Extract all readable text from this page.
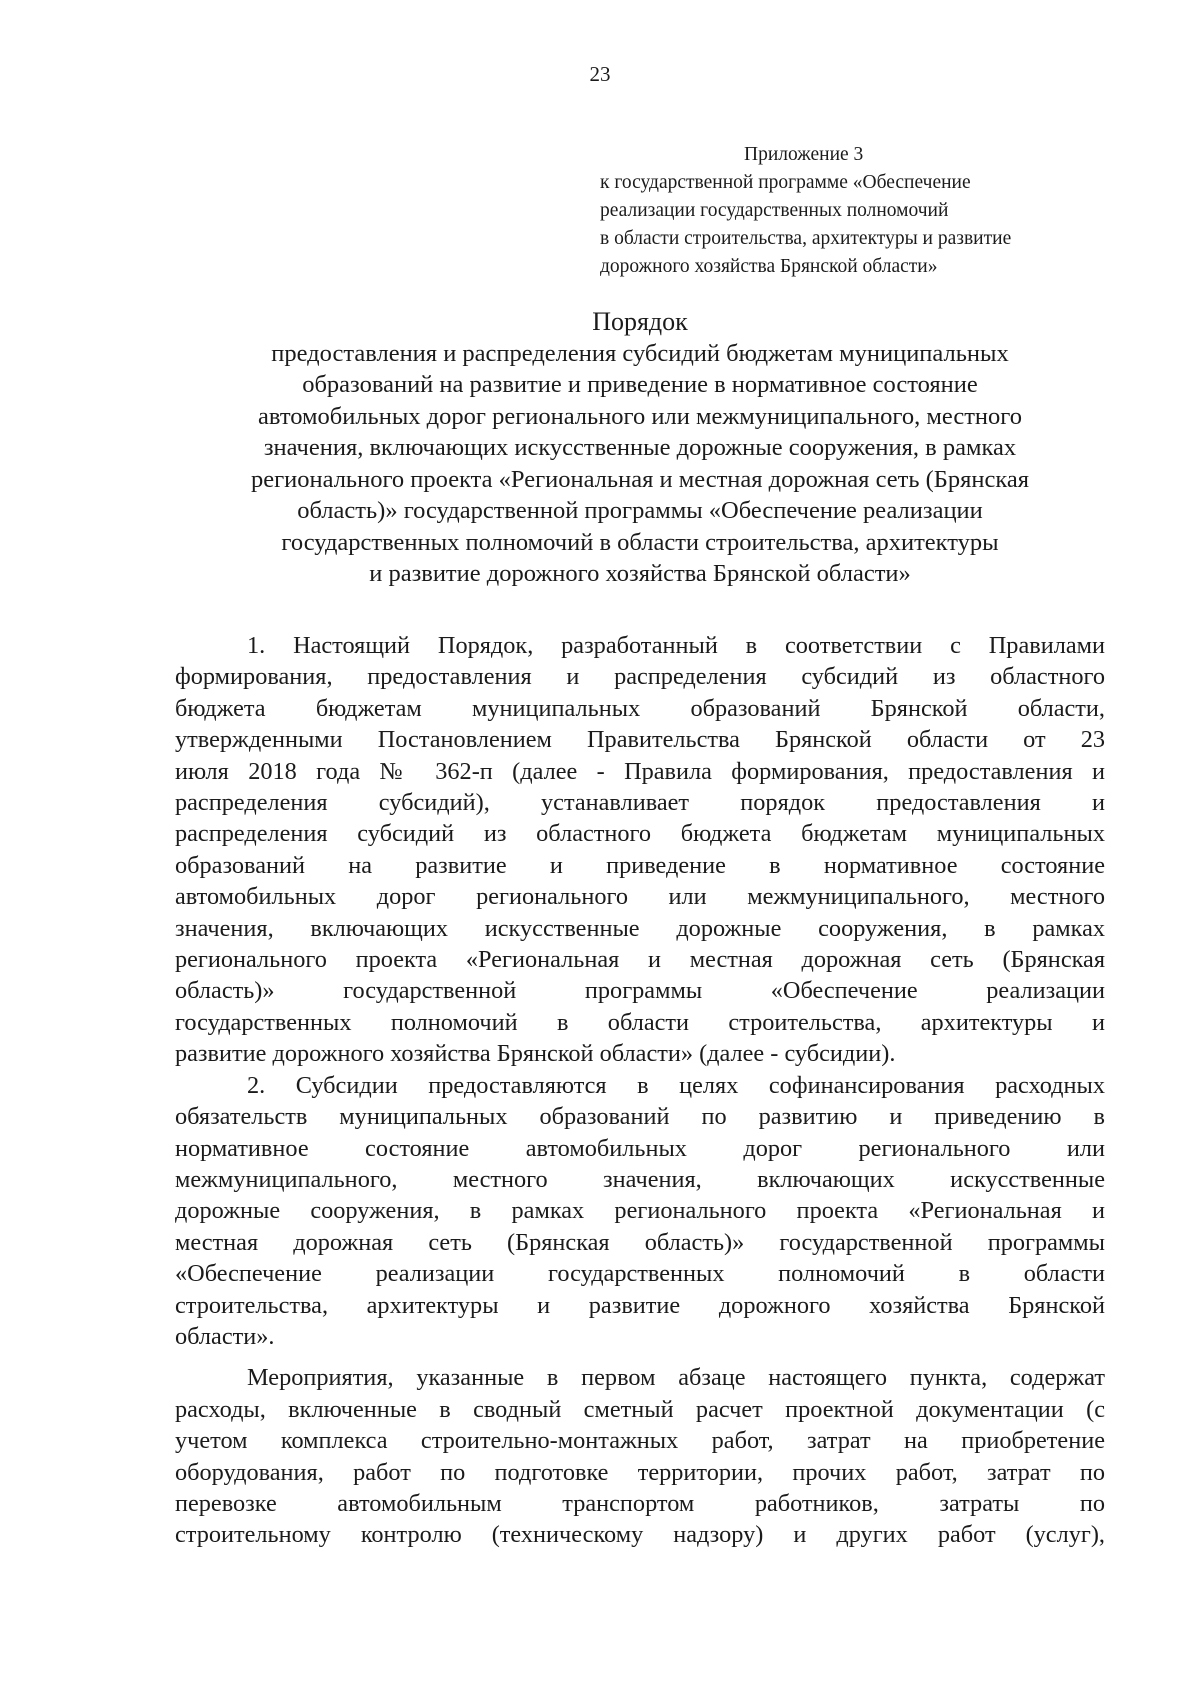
23
Приложение 3
к государственной программе «Обеспечение
реализации государственных полномочий
в области строительства, архитектуры и развитие
дорожного хозяйства Брянской области»
Порядок
предоставления и распределения субсидий бюджетам муниципальных
образований на развитие и приведение в нормативное состояние
автомобильных дорог регионального или межмуниципального, местного
значения, включающих искусственные дорожные сооружения, в рамках
регионального проекта «Региональная и местная дорожная сеть (Брянская
область)» государственной программы «Обеспечение реализации
государственных полномочий в области строительства, архитектуры
и развитие дорожного хозяйства Брянской области»
1. Настоящий Порядок, разработанный в соответствии с Правилами
формирования, предоставления и распределения субсидий из областного
бюджета бюджетам муниципальных образований Брянской области,
утвержденными Постановлением Правительства Брянской области от 23
июля 2018 года № 362-п (далее - Правила формирования, предоставления и
распределения субсидий), устанавливает порядок предоставления и
распределения субсидий из областного бюджета бюджетам муниципальных
образований на развитие и приведение в нормативное состояние
автомобильных дорог регионального или межмуниципального, местного
значения, включающих искусственные дорожные сооружения, в рамках
регионального проекта «Региональная и местная дорожная сеть (Брянская
область)» государственной программы «Обеспечение реализации
государственных полномочий в области строительства, архитектуры и
развитие дорожного хозяйства Брянской области» (далее - субсидии).
2. Субсидии предоставляются в целях софинансирования расходных
обязательств муниципальных образований по развитию и приведению в
нормативное состояние автомобильных дорог регионального или
межмуниципального, местного значения, включающих искусственные
дорожные сооружения, в рамках регионального проекта «Региональная и
местная дорожная сеть (Брянская область)» государственной программы
«Обеспечение реализации государственных полномочий в области
строительства, архитектуры и развитие дорожного хозяйства Брянской
области».
Мероприятия, указанные в первом абзаце настоящего пункта, содержат
расходы, включенные в сводный сметный расчет проектной документации (с
учетом комплекса строительно-монтажных работ, затрат на приобретение
оборудования, работ по подготовке территории, прочих работ, затрат по
перевозке автомобильным транспортом работников, затраты по
строительному контролю (техническому надзору) и других работ (услуг),
